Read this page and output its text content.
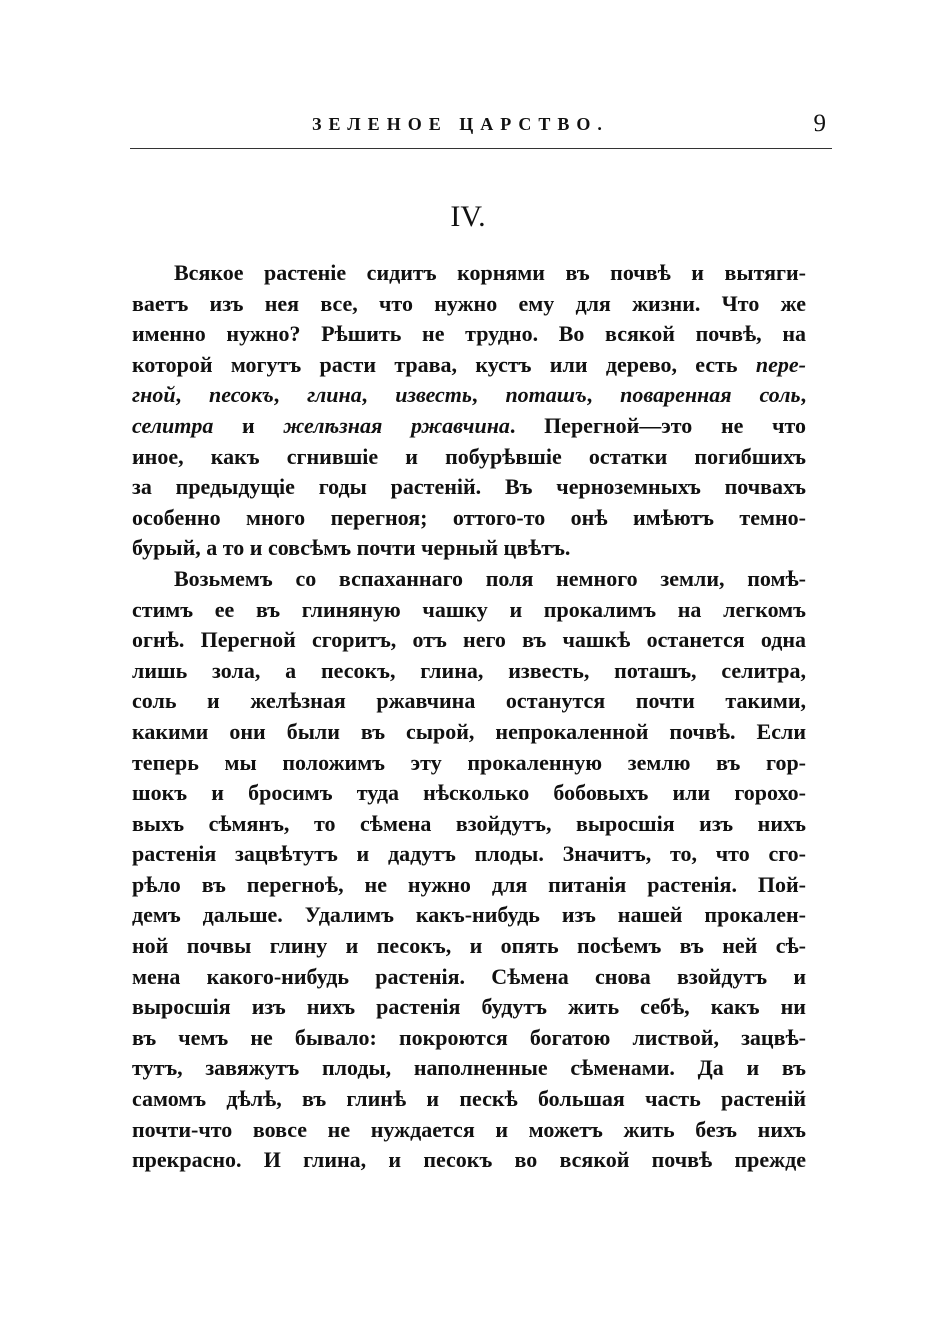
ЗЕЛЕНОЕ ЦАРСТВО.	9
IV.
Всякое растеніе сидитъ корнями въ почвѣ и вытяги-
ваетъ изъ нея все, что нужно ему для жизни. Что же
именно нужно? Рѣшить не трудно. Во всякой почвѣ, на
которой могутъ расти трава, кустъ или дерево, есть пере-
гной, песокъ, глина, известь, поташъ, поваренная соль,
селитра и желѣзная ржавчина. Перегной—это не что
иное, какъ сгнившіе и побурѣвшіе остатки погибшихъ
за предыдущіе годы растеній. Въ черноземныхъ почвахъ
особенно много перегноя; оттого-то онѣ имѣютъ темно-
бурый, а то и совсѣмъ почти черный цвѣтъ.
Возьмемъ со вспаханнаго поля немного земли, помѣ-
стимъ ее въ глиняную чашку и прокалимъ на легкомъ
огнѣ. Перегной сгоритъ, отъ него въ чашкѣ останется одна
лишь зола, а песокъ, глина, известь, поташъ, селитра,
соль и желѣзная ржавчина останутся почти такими,
какими они были въ сырой, непрокаленной почвѣ. Если
теперь мы положимъ эту прокаленную землю въ гор-
шокъ и бросимъ туда нѣсколько бобовыхъ или горохо-
выхъ сѣмянъ, то сѣмена взойдутъ, выросшія изъ нихъ
растенія зацвѣтутъ и дадутъ плоды. Значитъ, то, что сго-
рѣло въ перегноѣ, не нужно для питанія растенія. Пой-
демъ дальше. Удалимъ какъ-нибудь изъ нашей прокален-
ной почвы глину и песокъ, и опять посѣемъ въ ней сѣ-
мена какого-нибудь растенія. Сѣмена снова взойдутъ и
выросшія изъ нихъ растенія будутъ жить себѣ, какъ ни
въ чемъ не бывало: покроются богатою листвой, зацвѣ-
тутъ, завяжутъ плоды, наполненные сѣменами. Да и въ
самомъ дѣлѣ, въ глинѣ и пескѣ большая часть растеній
почти-что вовсе не нуждается и можетъ жить безъ нихъ
прекрасно. И глина, и песокъ во всякой почвѣ прежде
